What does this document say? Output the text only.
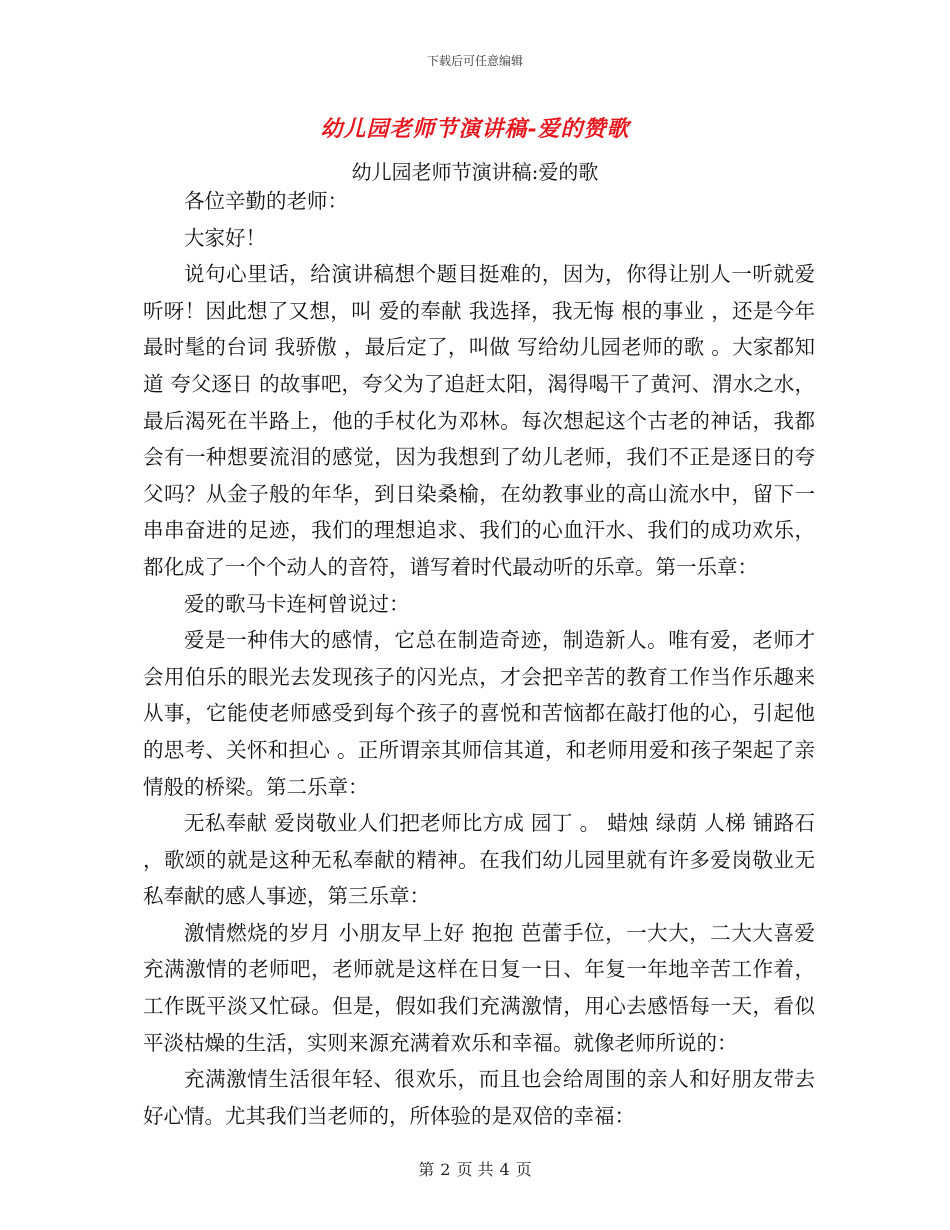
下载后可任意编辑
幼儿园老师节演讲稿-爱的赞歌
幼儿园老师节演讲稿:爱的歌

各位辛勤的老师：

大家好！

说句心里话，给演讲稿想个题目挺难的，因为，你得让别人一听就爱听呀！因此想了又想，叫 爱的奉献 我选择，我无悔 根的事业 ，还是今年最时髦的台词 我骄傲 ，最后定了，叫做 写给幼儿园老师的歌 。大家都知道 夸父逐日 的故事吧，夸父为了追赶太阳，渴得喝干了黄河、渭水之水，最后渴死在半路上，他的手杖化为邓林。每次想起这个古老的神话，我都会有一种想要流泪的感觉，因为我想到了幼儿老师，我们不正是逐日的夸父吗？从金子般的年华，到日染桑榆，在幼教事业的高山流水中，留下一串串奋进的足迹，我们的理想追求、我们的心血汗水、我们的成功欢乐，都化成了一个个动人的音符，谱写着时代最动听的乐章。第一乐章：

爱的歌马卡连柯曾说过：

爱是一种伟大的感情，它总在制造奇迹，制造新人。唯有爱，老师才会用伯乐的眼光去发现孩子的闪光点，才会把辛苦的教育工作当作乐趣来从事，它能使老师感受到每个孩子的喜悦和苦恼都在敲打他的心，引起他的思考、关怀和担心 。正所谓亲其师信其道，和老师用爱和孩子架起了亲情般的桥梁。第二乐章：

无私奉献 爱岗敬业人们把老师比方成 园丁 。 蜡烛 绿荫 人梯 铺路石 ，歌颂的就是这种无私奉献的精神。在我们幼儿园里就有许多爱岗敬业无私奉献的感人事迹，第三乐章：

激情燃烧的岁月 小朋友早上好 抱抱 芭蕾手位，一大大，二大大喜爱充满激情的老师吧，老师就是这样在日复一日、年复一年地辛苦工作着，工作既平淡又忙碌。但是，假如我们充满激情，用心去感悟每一天，看似平淡枯燥的生活，实则来源充满着欢乐和幸福。就像老师所说的：

充满激情生活很年轻、很欢乐，而且也会给周围的亲人和好朋友带去好心情。尤其我们当老师的，所体验的是双倍的幸福：

第 2 页 共 4 页
